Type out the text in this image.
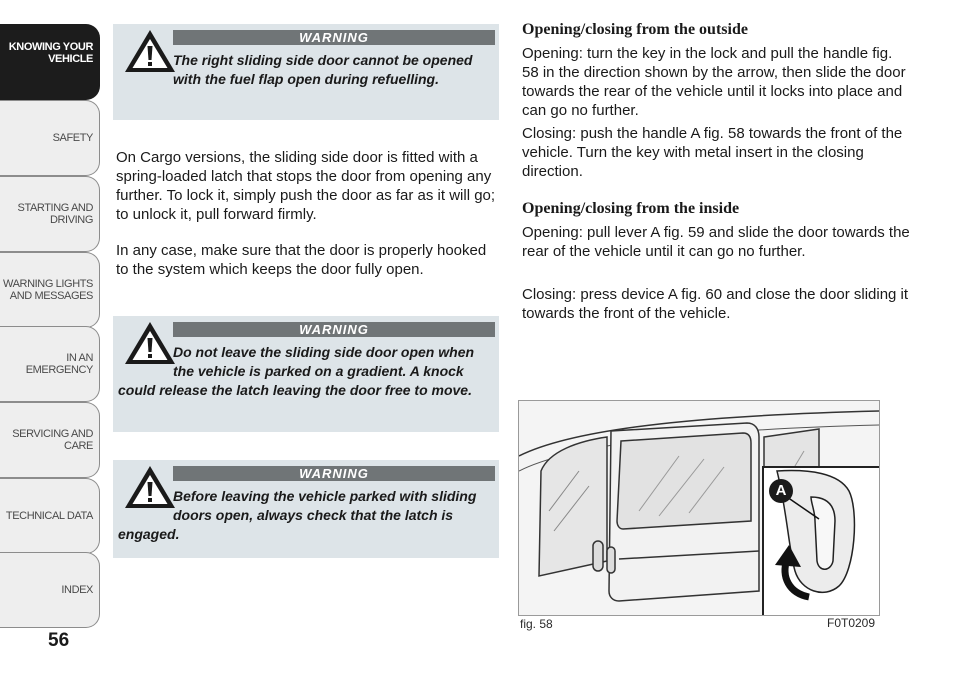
KNOWING YOUR
VEHICLE
SAFETY
STARTING AND
DRIVING
WARNING LIGHTS
AND MESSAGES
IN AN EMERGENCY
SERVICING AND
CARE
TECHNICAL DATA
INDEX
56
WARNING
The right sliding side door cannot be opened with the fuel flap open during refuelling.

On Cargo versions, the sliding side door is fitted with a spring-loaded latch that stops the door from opening any further. To lock it, simply push the door as far as it will go; to unlock it, pull forward firmly.

In any case, make sure that the door is properly hooked to the system which keeps the door fully open.

WARNING
Do not leave the sliding side door open when the vehicle is parked on a gradient. A knock could release the latch leaving the door free to move.
WARNING
Before leaving the vehicle parked with sliding doors open, always check that the latch is engaged.
Opening/closing from the outside

Opening: turn the key in the lock and pull the handle fig. 58 in the direction shown by the arrow, then slide the door towards the rear of the vehicle until it locks into place and can go no further.

Closing: push the handle A fig. 58 towards the front of the vehicle. Turn the key with metal insert in the closing direction.

Opening/closing from the inside

Opening: pull lever A fig. 59 and slide the door towards the rear of the vehicle until it can go no further.

Closing: press device A fig. 60 and close the door sliding it towards the front of the vehicle.

A
fig. 58	F0T0209
